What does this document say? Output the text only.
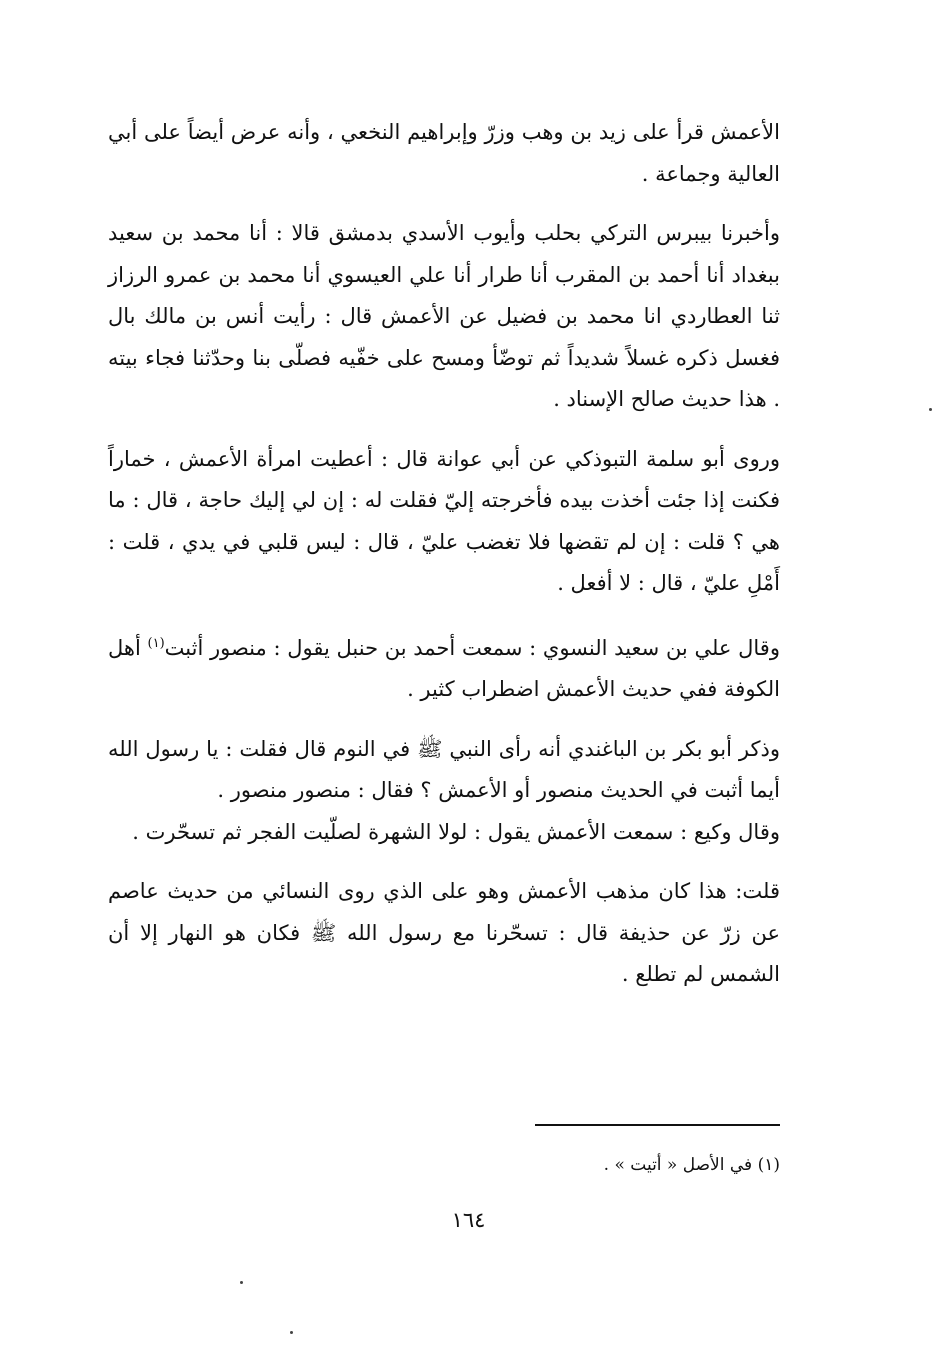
الأعمش قرأ على زيد بن وهب وزرّ وإبراهيم النخعي ، وأنه عرض أيضاً على أبي العالية وجماعة .

وأخبرنا بيبرس التركي بحلب وأيوب الأسدي بدمشق قالا : أنا محمد بن سعيد ببغداد أنا أحمد بن المقرب أنا طرار أنا علي العيسوي أنا محمد بن عمرو الرزاز ثنا العطاردي انا محمد بن فضيل عن الأعمش قال : رأيت أنس بن مالك بال فغسل ذكره غسلاً شديداً ثم توضّأ ومسح على خفّيه فصلّى بنا وحدّثنا فجاء بيته . هذا حديث صالح الإسناد .

وروى أبو سلمة التبوذكي عن أبي عوانة قال : أعطيت امرأة الأعمش ، خماراً فكنت إذا جئت أخذت بيده فأخرجته إليّ فقلت له : إن لي إليك حاجة ، قال : ما هي ؟ قلت : إن لم تقضها فلا تغضب عليّ ، قال : ليس قلبي في يدي ، قلت : أَمْلِ عليّ ، قال : لا أفعل .

وقال علي بن سعيد النسوي : سمعت أحمد بن حنبل يقول : منصور أثبت$^{(١)}$ أهل الكوفة ففي حديث الأعمش اضطراب كثير .

وذكر أبو بكر بن الباغندي أنه رأى النبي ﷺ في النوم قال فقلت : يا رسول الله أيما أثبت في الحديث منصور أو الأعمش ؟ فقال : منصور منصور .

وقال وكيع : سمعت الأعمش يقول : لولا الشهرة لصلّيت الفجر ثم تسحّرت .

قلت: هذا كان مذهب الأعمش وهو على الذي روى النسائي من حديث عاصم عن زرّ عن حذيفة قال : تسحّرنا مع رسول الله ﷺ فكان هو النهار إلا أن الشمس لم تطلع .

(١) في الأصل « أتيت » .
١٦٤
